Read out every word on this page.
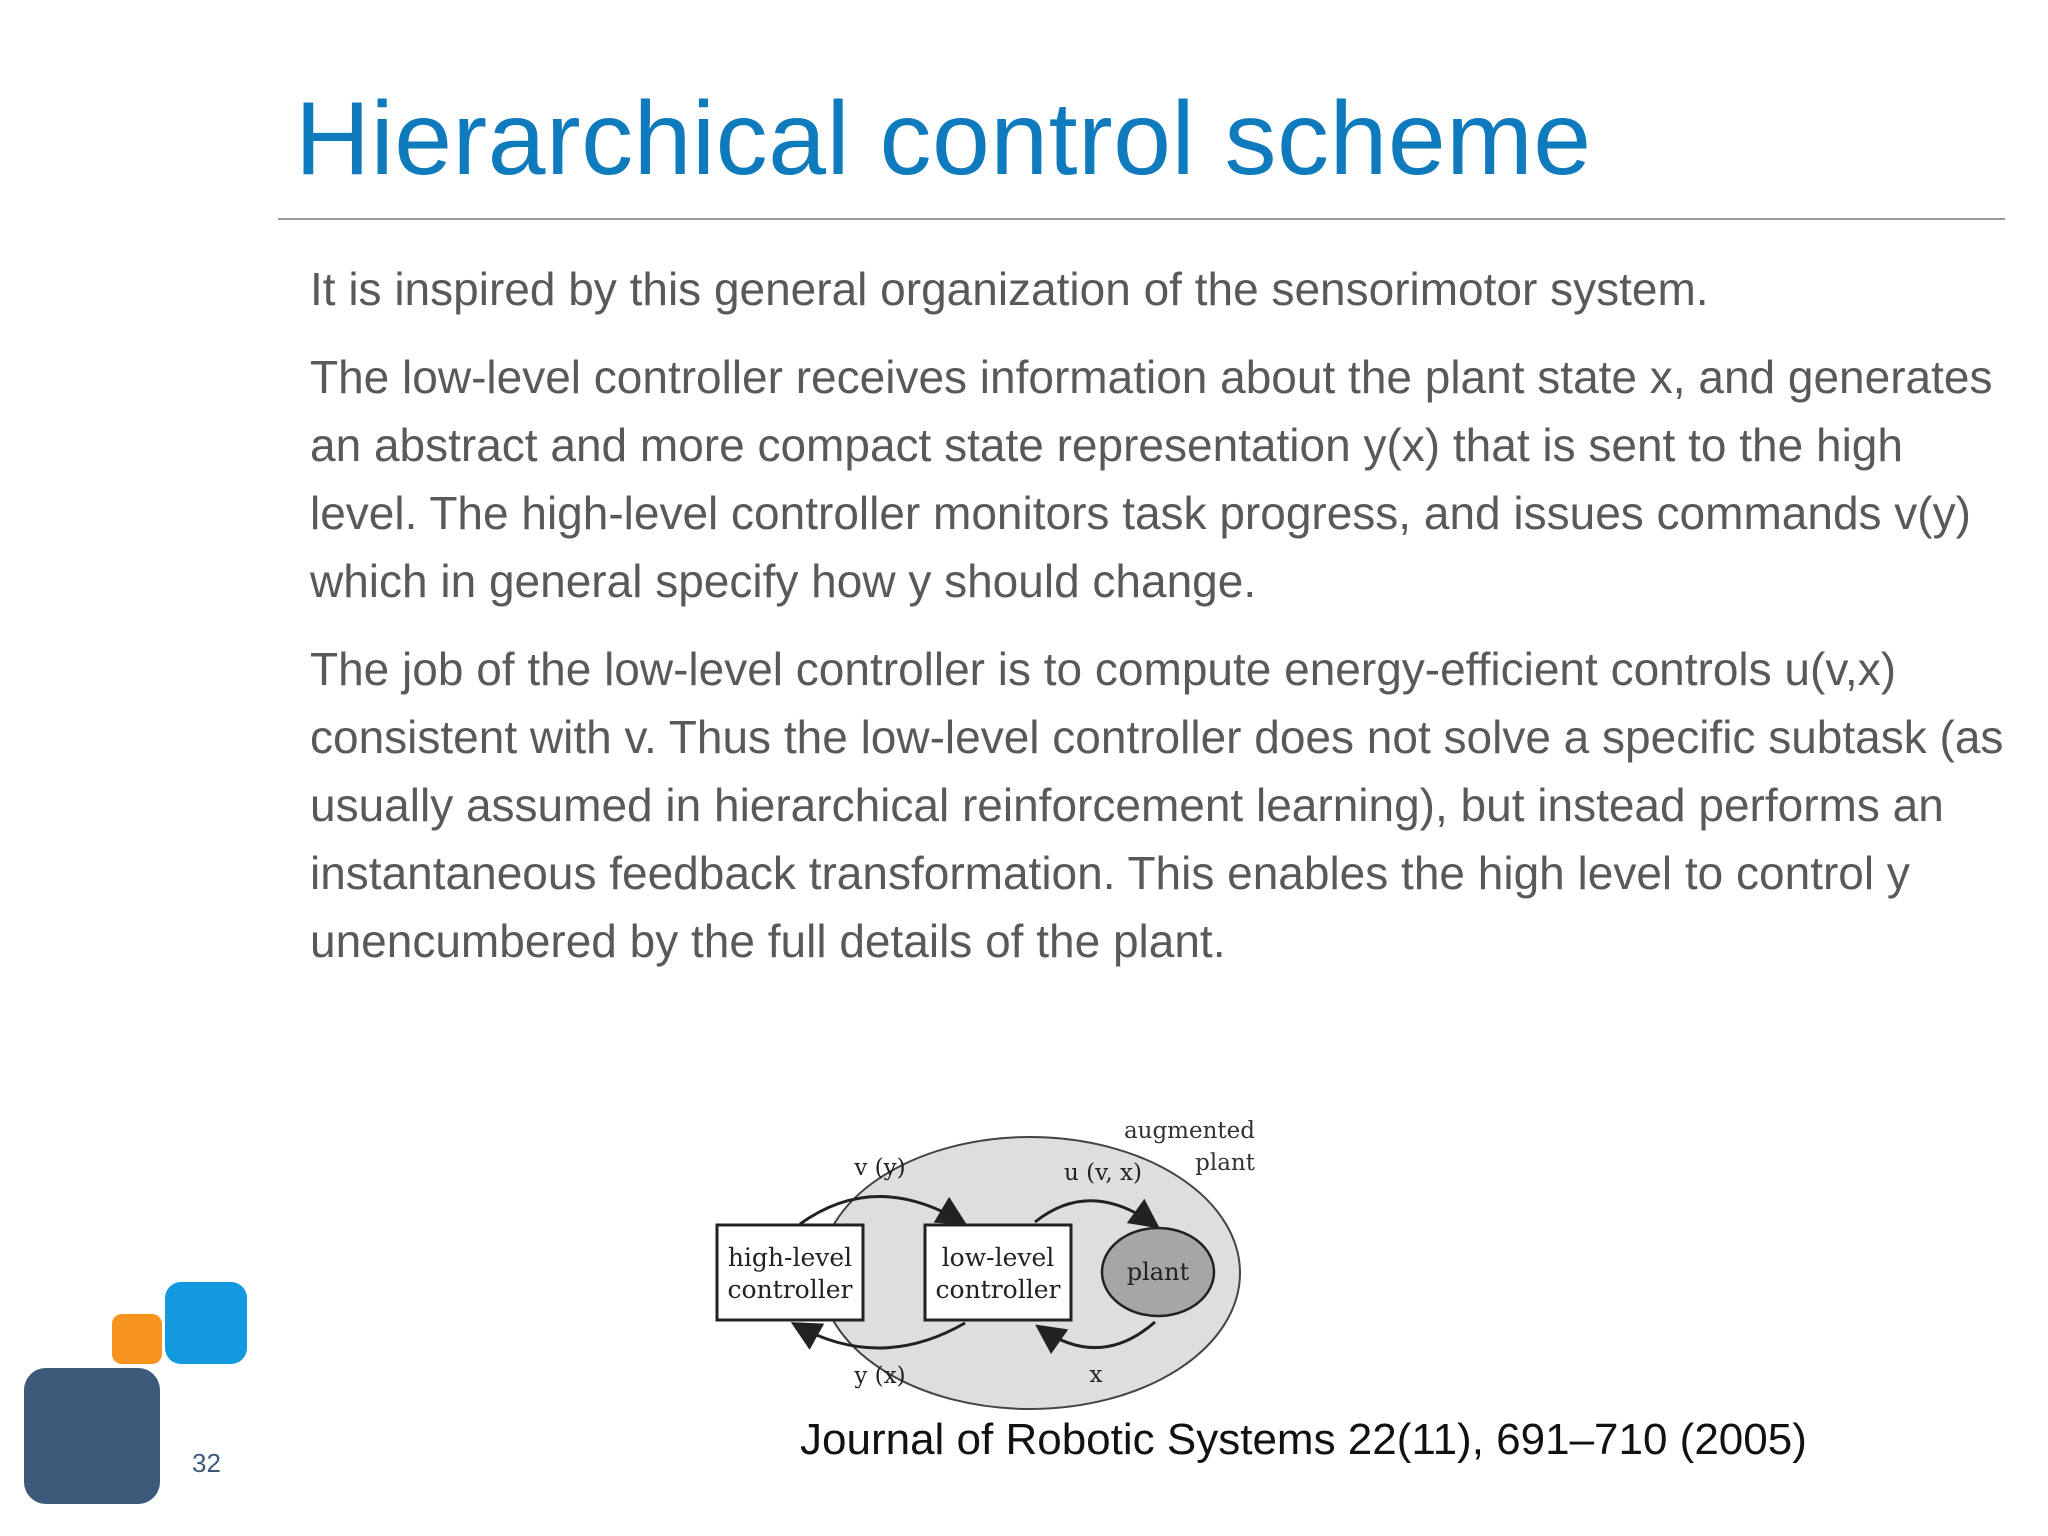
Hierarchical control scheme

It is inspired by this general organization of the sensorimotor system.

The low-level controller receives information about the plant state x, and generates an abstract and more compact state representation y(x) that is sent to the high level. The high-level controller monitors task progress, and issues commands v(y) which in general specify how y should change.

The job of the low-level controller is to compute energy-efficient controls u(v,x) consistent with v. Thus the low-level controller does not solve a specific subtask (as usually assumed in hierarchical reinforcement learning), but instead performs an instantaneous feedback transformation. This enables the high level to control y unencumbered by the full details of the plant.

high-level
controller
low-level
controller
plant
augmented
plant
v (y)
y (x)
u (v, x)
x
Journal of Robotic Systems 22(11), 691–710 (2005)
32
